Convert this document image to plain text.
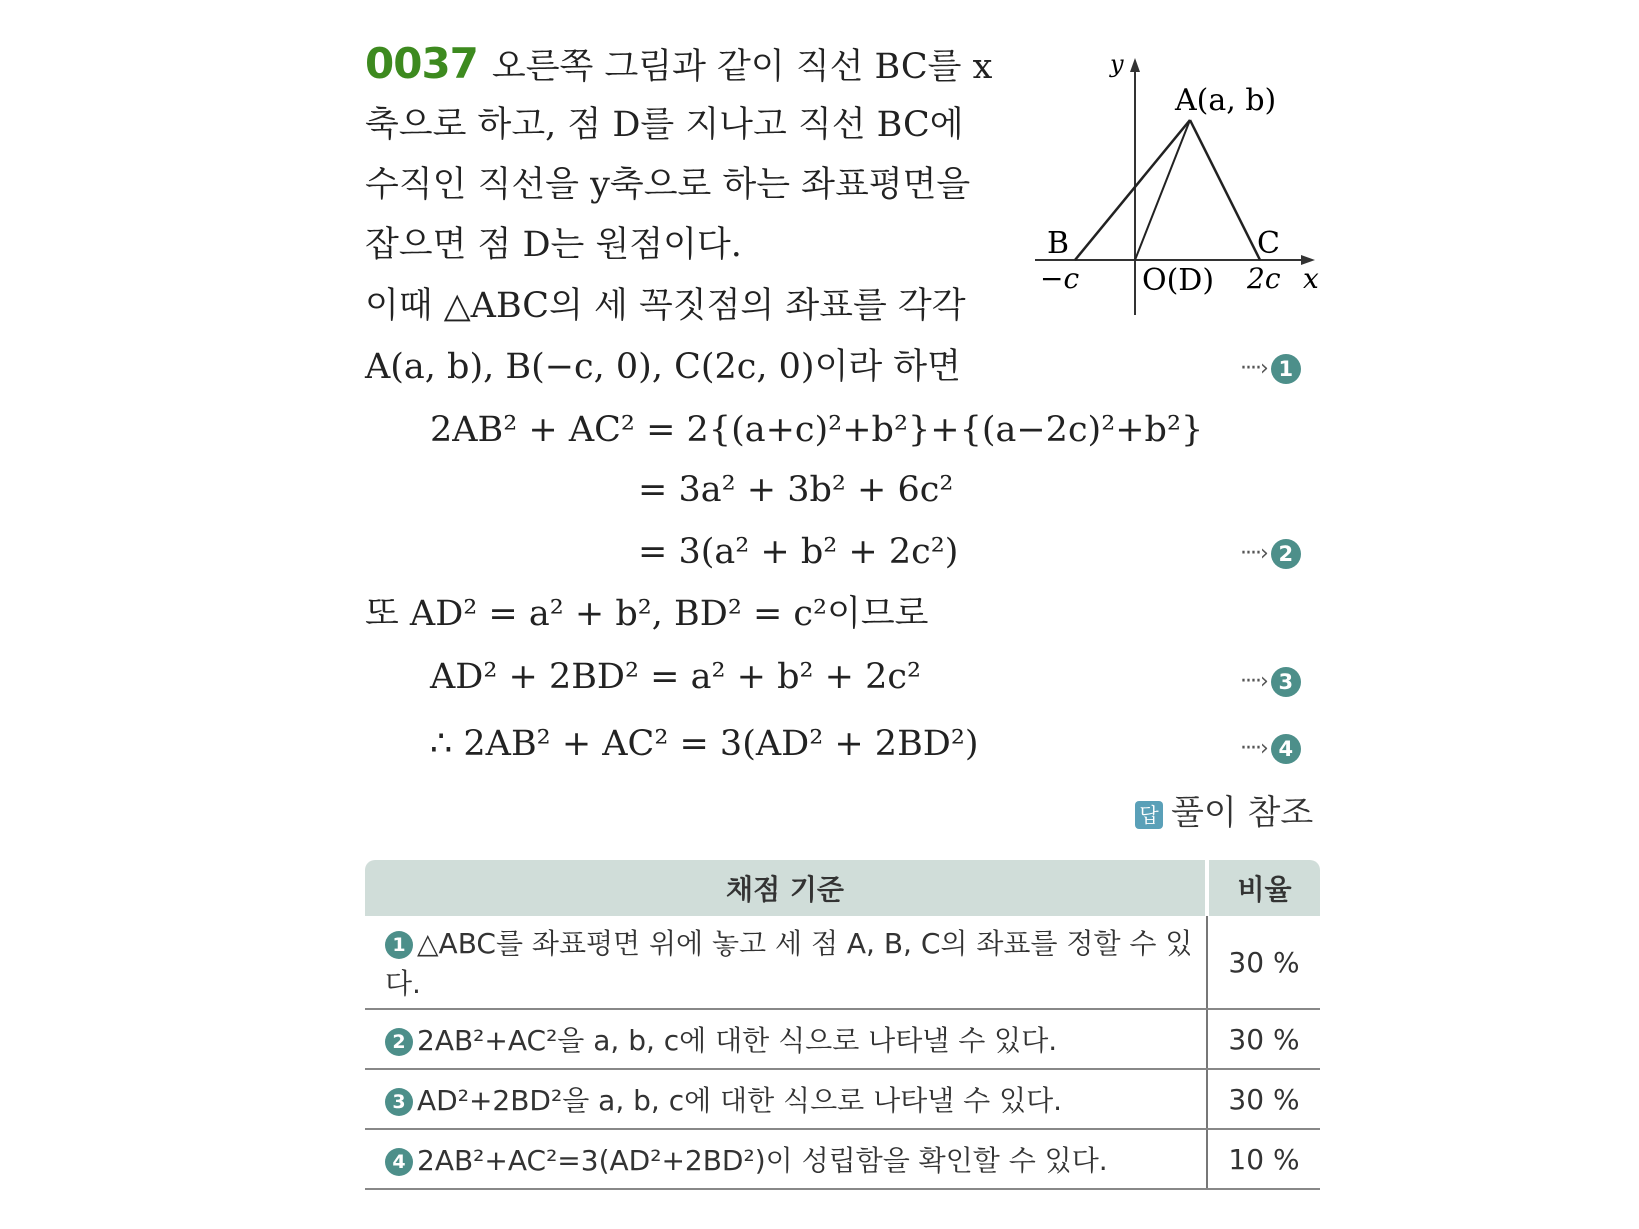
0037 오른쪽 그림과 같이 직선 BC를 x
축으로 하고, 점 D를 지나고 직선 BC에
수직인 직선을 y축으로 하는 좌표평면을
잡으면 점 D는 원점이다.
이때 △ABC의 세 꼭짓점의 좌표를 각각
A(a, b), B(−c, 0), C(2c, 0)이라 하면
2AB² + AC² = 2{(a+c)²+b²}+{(a−2c)²+b²}
= 3a² + 3b² + 6c²
= 3(a² + b² + 2c²)
또 AD² = a² + b², BD² = c²이므로
AD² + 2BD² = a² + b² + 2c²
∴ 2AB² + AC² = 3(AD² + 2BD²)
····› 1
····› 2
····› 3
····› 4
답 풀이 참조
y
A(a, b)
B	C
−c O(D) 2c x
채점 기준	비율
1 △ABC를 좌표평면 위에 놓고 세 점 A, B, C의 좌표를 정할 수 있다.	30 %
2 2AB²+AC²을 a, b, c에 대한 식으로 나타낼 수 있다.	30 %
3 AD²+2BD²을 a, b, c에 대한 식으로 나타낼 수 있다.	30 %
4 2AB²+AC²=3(AD²+2BD²)이 성립함을 확인할 수 있다.	10 %
